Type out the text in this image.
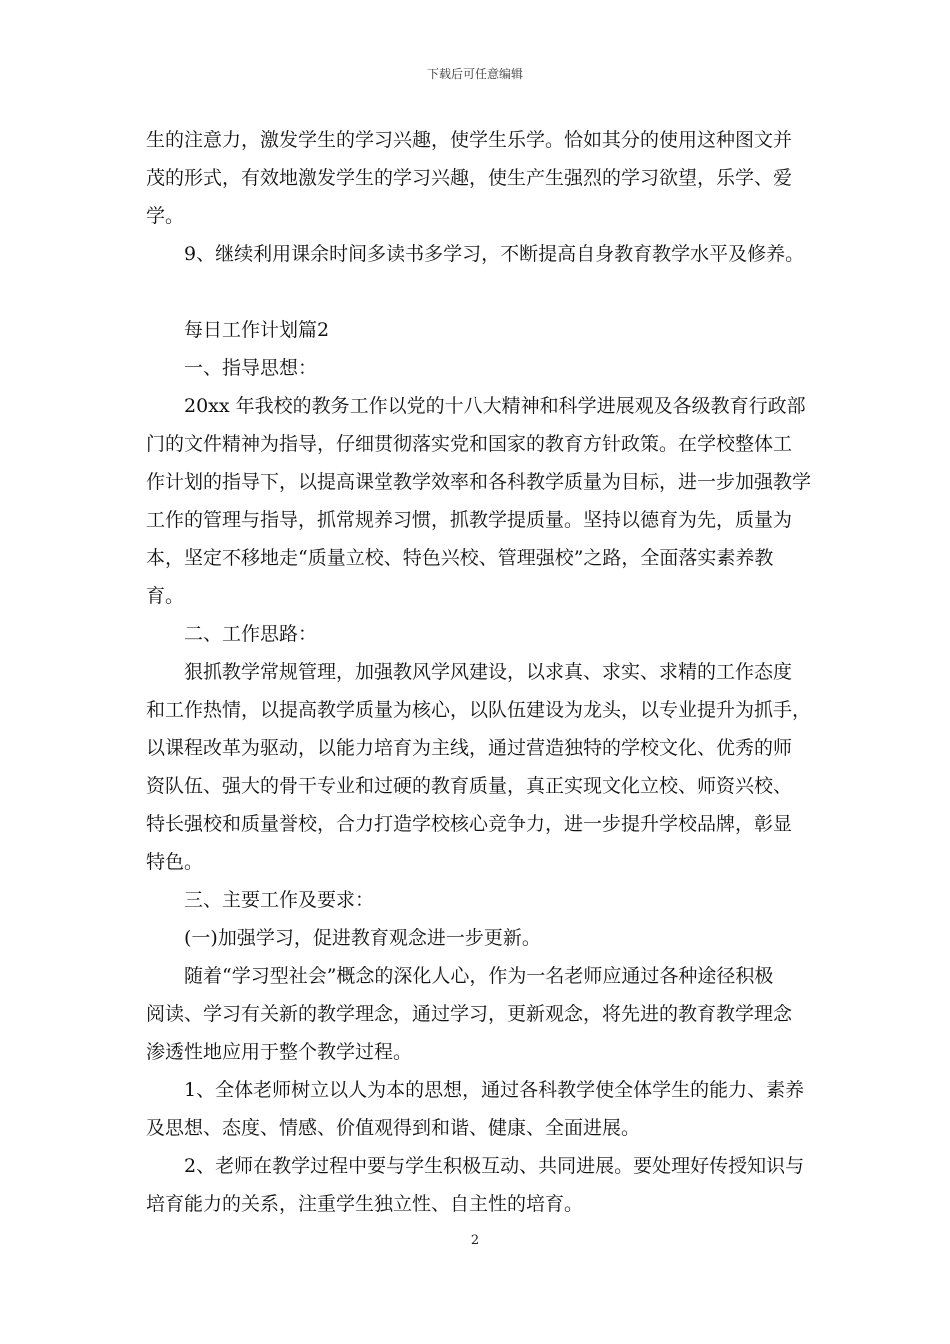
下载后可任意编辑
生的注意力，激发学生的学习兴趣，使学生乐学。恰如其分的使用这种图文并
茂的形式，有效地激发学生的学习兴趣，使生产生强烈的学习欲望，乐学、爱
学。
9、继续利用课余时间多读书多学习，不断提高自身教育教学水平及修养。
每日工作计划篇2
一、指导思想：
20xx 年我校的教务工作以党的十八大精神和科学进展观及各级教育行政部
门的文件精神为指导，仔细贯彻落实党和国家的教育方针政策。在学校整体工
作计划的指导下，以提高课堂教学效率和各科教学质量为目标，进一步加强教学
工作的管理与指导，抓常规养习惯，抓教学提质量。坚持以德育为先，质量为
本，坚定不移地走“质量立校、特色兴校、管理强校”之路，全面落实素养教
育。
二、工作思路：
狠抓教学常规管理，加强教风学风建设，以求真、求实、求精的工作态度
和工作热情，以提高教学质量为核心，以队伍建设为龙头，以专业提升为抓手，
以课程改革为驱动，以能力培育为主线，通过营造独特的学校文化、优秀的师
资队伍、强大的骨干专业和过硬的教育质量，真正实现文化立校、师资兴校、
特长强校和质量誉校，合力打造学校核心竞争力，进一步提升学校品牌，彰显
特色。
三、主要工作及要求：
(一)加强学习，促进教育观念进一步更新。
随着“学习型社会”概念的深化人心，作为一名老师应通过各种途径积极
阅读、学习有关新的教学理念，通过学习，更新观念，将先进的教育教学理念
渗透性地应用于整个教学过程。
1、全体老师树立以人为本的思想，通过各科教学使全体学生的能力、素养
及思想、态度、情感、价值观得到和谐、健康、全面进展。
2、老师在教学过程中要与学生积极互动、共同进展。要处理好传授知识与
培育能力的关系，注重学生独立性、自主性的培育。
2
